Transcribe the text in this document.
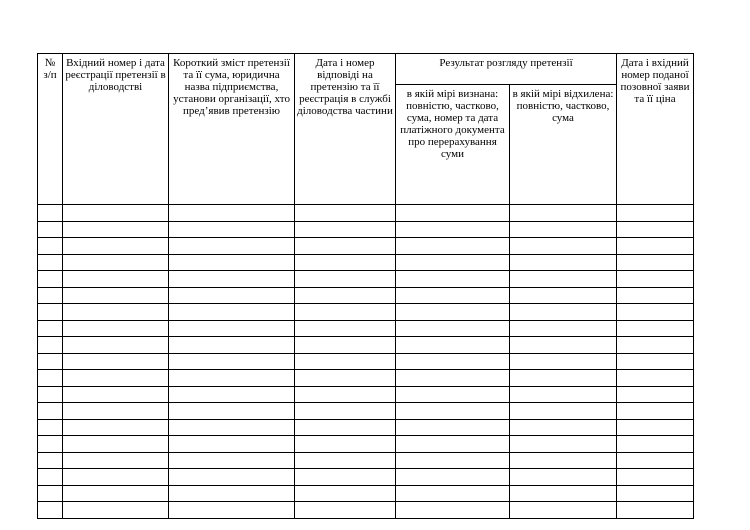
№ з/п	Вхідний номер і дата реєстрації претензії в діловодстві	Короткий зміст претензії та її сума, юридична назва підприємства, установи організації, хто пред’явив претензію	Дата і номер відповіді на претензію та її реєстрація в службі діловодства частини	Результат розгляду претензії		Дата і вхідний номер поданої позовної заяви та її ціна

				в якій мірі визнана: повністю, частково, сума, номер та дата платіжного документа про перерахування суми	в якій мірі відхилена: повністю, частково, сума	
